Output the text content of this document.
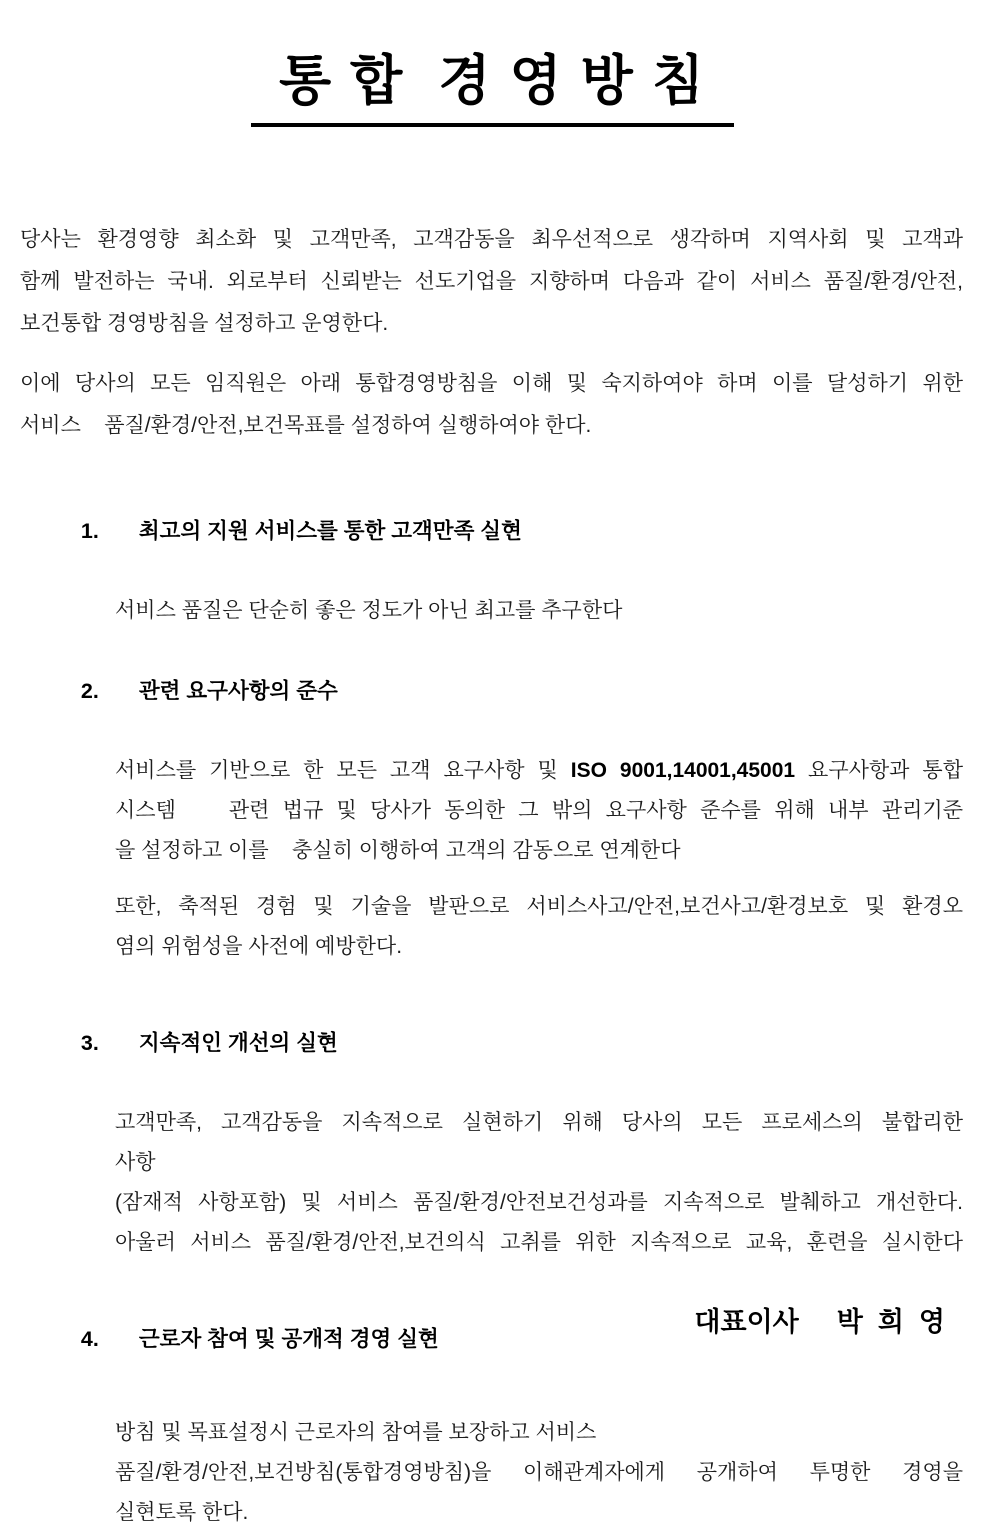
통 합  경 영 방 침
당사는 환경영향 최소화 및 고객만족, 고객감동을 최우선적으로 생각하며 지역사회 및 고객과
함께 발전하는 국내. 외로부터 신뢰받는 선도기업을 지향하며 다음과 같이 서비스 품질/환경/안전,
보건통합 경영방침을 설정하고 운영한다.
이에 당사의 모든 임직원은 아래 통합경영방침을 이해 및 숙지하여야 하며 이를 달성하기 위한
서비스    품질/환경/안전,보건목표를 설정하여 실행하여야 한다.

1. 최고의 지원 서비스를 통한 고객만족 실현

서비스 품질은 단순히 좋은 정도가 아닌 최고를 추구한다

2. 관련 요구사항의 준수

서비스를 기반으로 한 모든 고객 요구사항 및 ISO 9001,14001,45001 요구사항과 통합
시스템    관련 법규 및 당사가 동의한 그 밖의 요구사항 준수를 위해 내부 관리기준
을 설정하고 이를    충실히 이행하여 고객의 감동으로 연계한다
또한, 축적된 경험 및 기술을 발판으로 서비스사고/안전,보건사고/환경보호 및 환경오
염의 위험성을 사전에 예방한다.

3. 지속적인 개선의 실현

고객만족, 고객감동을 지속적으로 실현하기 위해 당사의 모든 프로세스의 불합리한
사항
(잠재적 사항포함) 및 서비스 품질/환경/안전보건성과를 지속적으로 발췌하고 개선한다.
아울러 서비스 품질/환경/안전,보건의식 고취를 위한 지속적으로 교육, 훈련을 실시한다

4. 근로자 참여 및 공개적 경영 실현

방침 및 목표설정시 근로자의 참여를 보장하고 서비스
품질/환경/안전,보건방침(통합경영방침)을 이해관계자에게 공개하여 투명한 경영을
실현토록 한다.

대표이사 박  희  영
